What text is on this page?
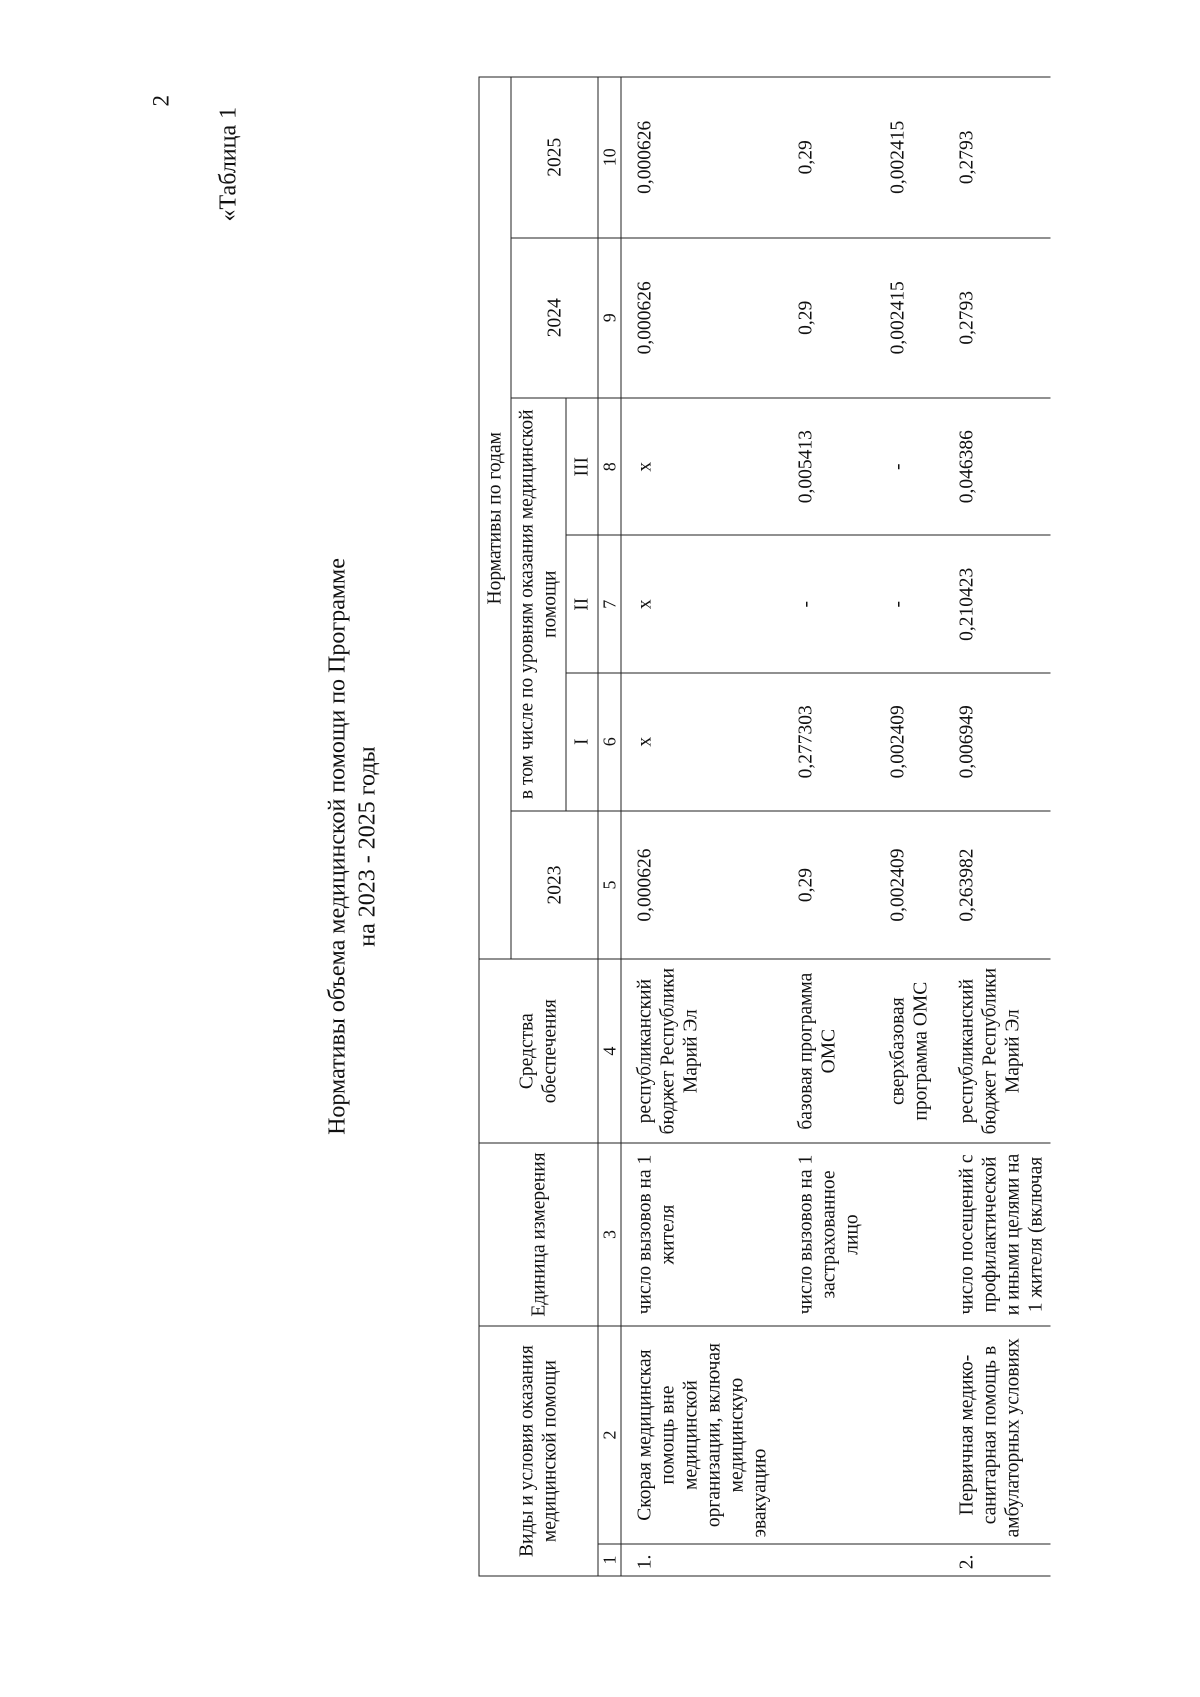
2
«Таблица 1
Нормативы объема медицинской помощи по Программе на 2023 - 2025 годы
Виды и условия оказания медицинской помощи		Единица измерения	Средства обеспечения	Нормативы по годам					
				2023	в том числе по уровням оказания медицинской помощи			2024	2025
					I	II	III		
1	2	3	4	5	6	7	8	9	10
1.	Скорая медицинская помощь вне медицинской организации, включая медицинскую эвакуацию	число вызовов на 1 жителя	республиканский бюджет Республики Марий Эл	0,000626	х	х	х	0,000626	0,000626
		число вызовов на 1 застрахованное лицо	базовая программа ОМС	0,29	0,277303	-	0,005413	0,29	0,29
			сверхбазовая программа ОМС	0,002409	0,002409	-	-	0,002415	0,002415
2.	Первичная медико-санитарная помощь в амбулаторных условиях	число посещений с профилактической и иными целями на 1 жителя (включая	республиканский бюджет Республики Марий Эл	0,263982	0,006949	0,210423	0,046386	0,2793	0,2793
